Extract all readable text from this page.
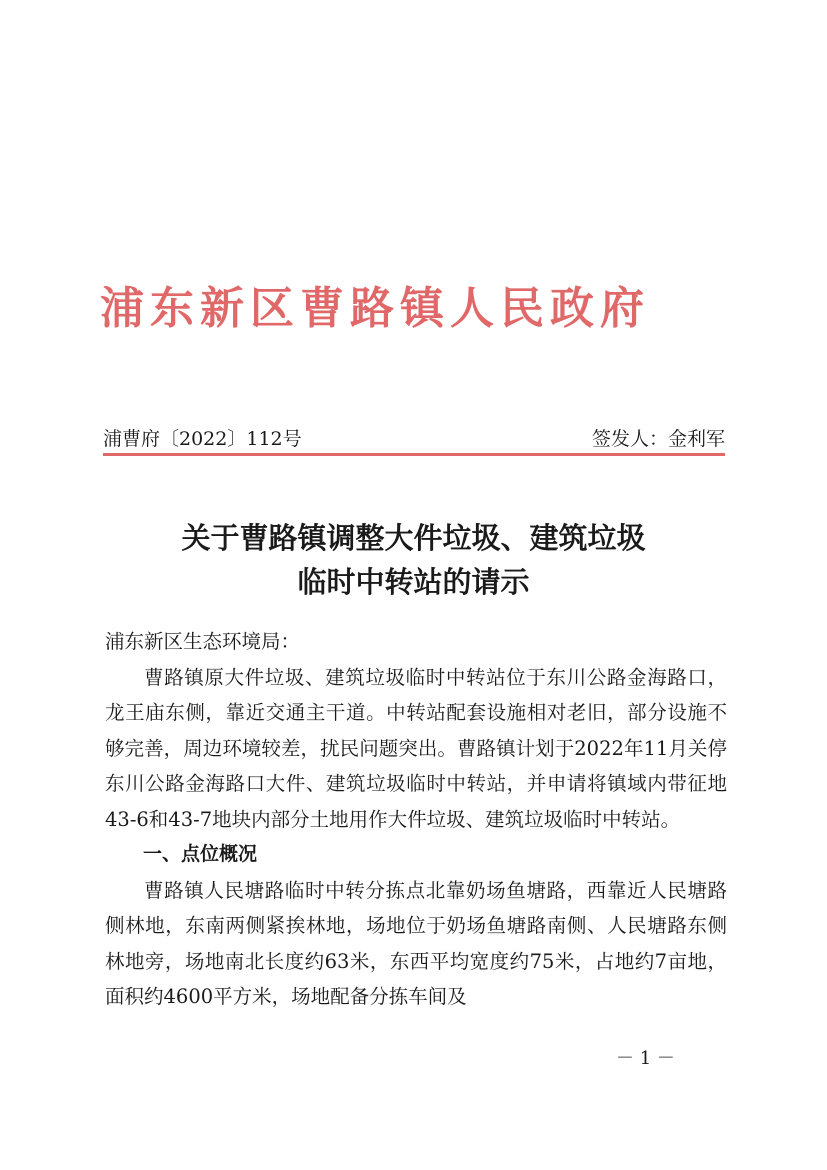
浦东新区曹路镇人民政府
浦曹府〔2022〕112号	签发人：金利军
关于曹路镇调整大件垃圾、建筑垃圾
临时中转站的请示

浦东新区生态环境局：

曹路镇原大件垃圾、建筑垃圾临时中转站位于东川公路金海路口，龙王庙东侧，靠近交通主干道。中转站配套设施相对老旧，部分设施不够完善，周边环境较差，扰民问题突出。曹路镇计划于2022年11月关停东川公路金海路口大件、建筑垃圾临时中转站，并申请将镇域内带征地43-6和43-7地块内部分土地用作大件垃圾、建筑垃圾临时中转站。

一、点位概况

曹路镇人民塘路临时中转分拣点北靠奶场鱼塘路，西靠近人民塘路侧林地，东南两侧紧挨林地，场地位于奶场鱼塘路南侧、人民塘路东侧林地旁，场地南北长度约63米，东西平均宽度约75米，占地约7亩地，面积约4600平方米，场地配备分拣车间及

－ 1 －
